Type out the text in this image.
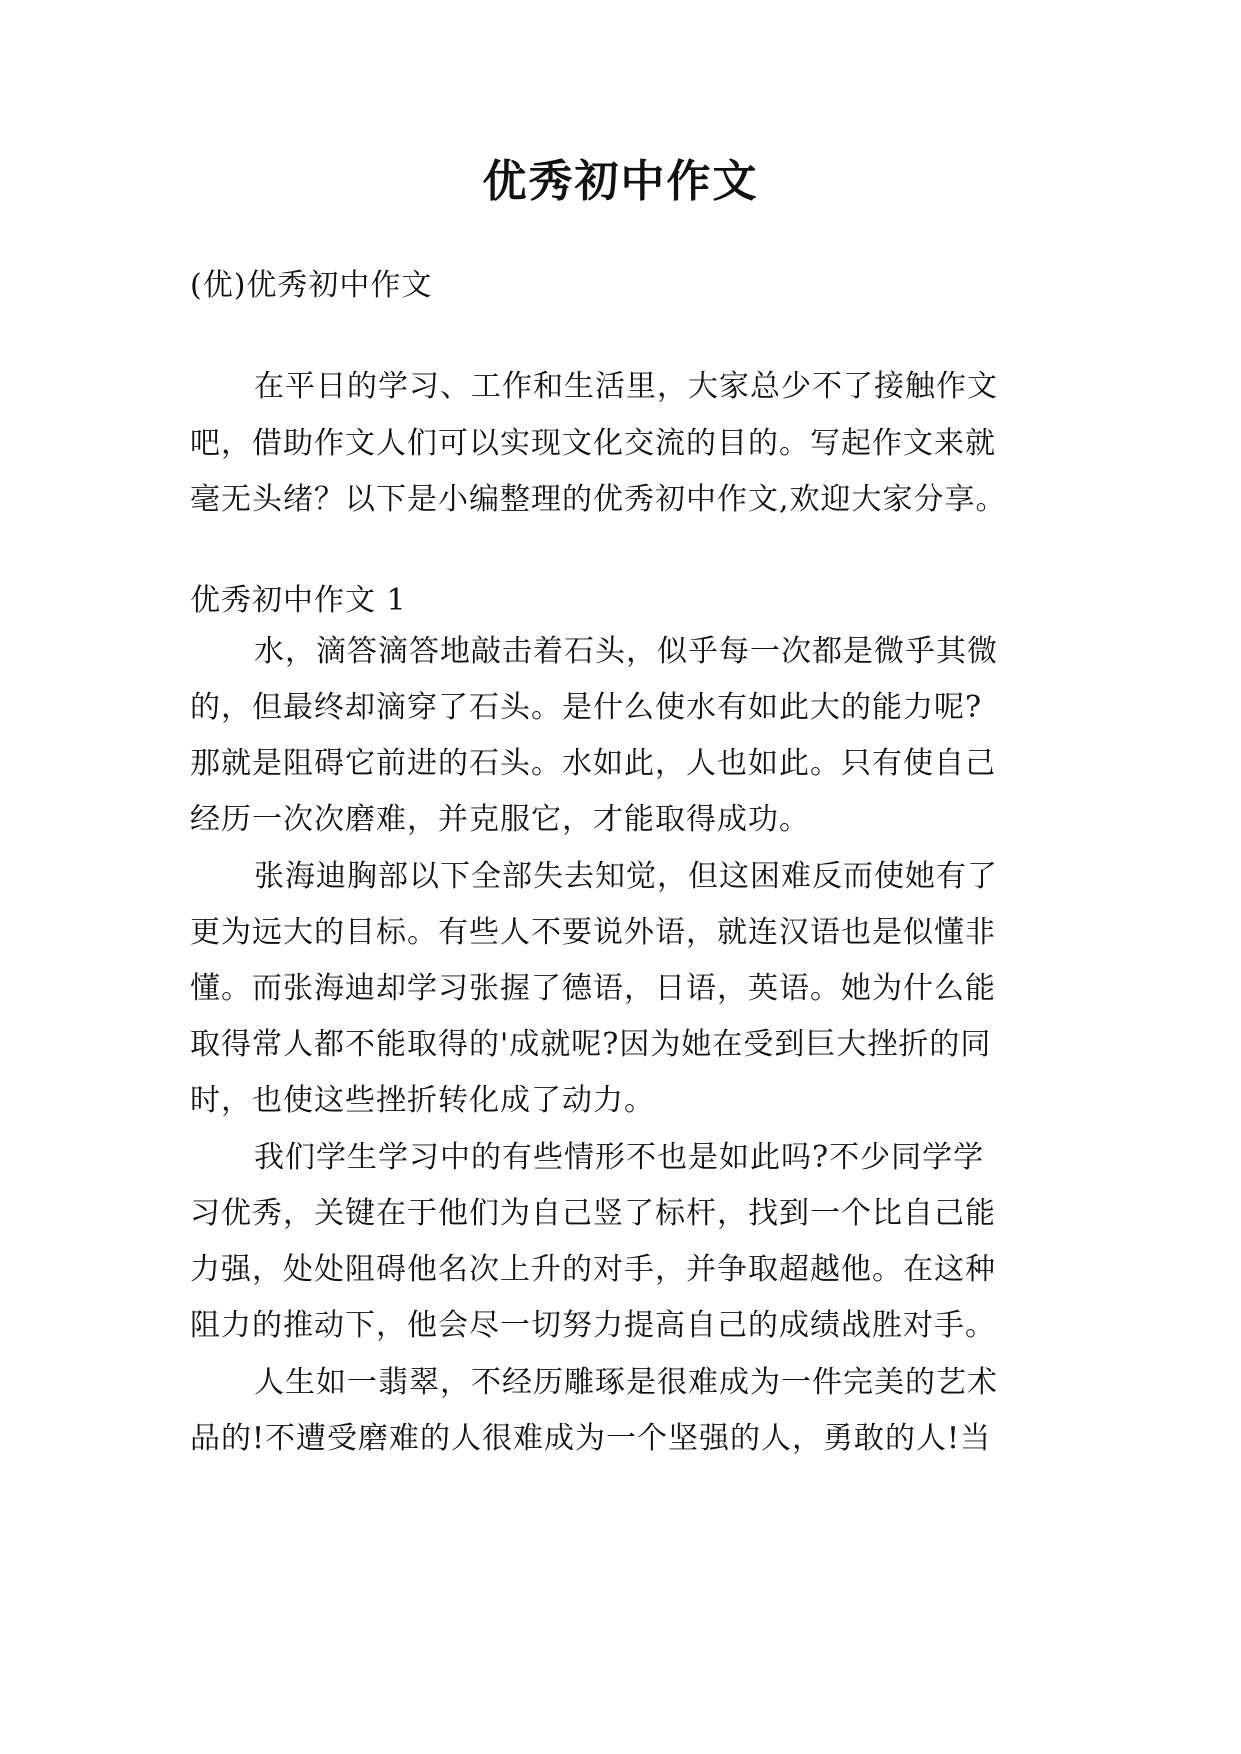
优秀初中作文
(优)优秀初中作文
在平日的学习、工作和生活里，大家总少不了接触作文
吧，借助作文人们可以实现文化交流的目的。写起作文来就
毫无头绪？以下是小编整理的优秀初中作文,欢迎大家分享。
优秀初中作文 1
水，滴答滴答地敲击着石头，似乎每一次都是微乎其微
的，但最终却滴穿了石头。是什么使水有如此大的能力呢?
那就是阻碍它前进的石头。水如此，人也如此。只有使自己
经历一次次磨难，并克服它，才能取得成功。
张海迪胸部以下全部失去知觉，但这困难反而使她有了
更为远大的目标。有些人不要说外语，就连汉语也是似懂非
懂。而张海迪却学习张握了德语，日语，英语。她为什么能
取得常人都不能取得的'成就呢?因为她在受到巨大挫折的同
时，也使这些挫折转化成了动力。
我们学生学习中的有些情形不也是如此吗?不少同学学
习优秀，关键在于他们为自己竖了标杆，找到一个比自己能
力强，处处阻碍他名次上升的对手，并争取超越他。在这种
阻力的推动下，他会尽一切努力提高自己的成绩战胜对手。
人生如一翡翠，不经历雕琢是很难成为一件完美的艺术
品的!不遭受磨难的人很难成为一个坚强的人，勇敢的人!当
